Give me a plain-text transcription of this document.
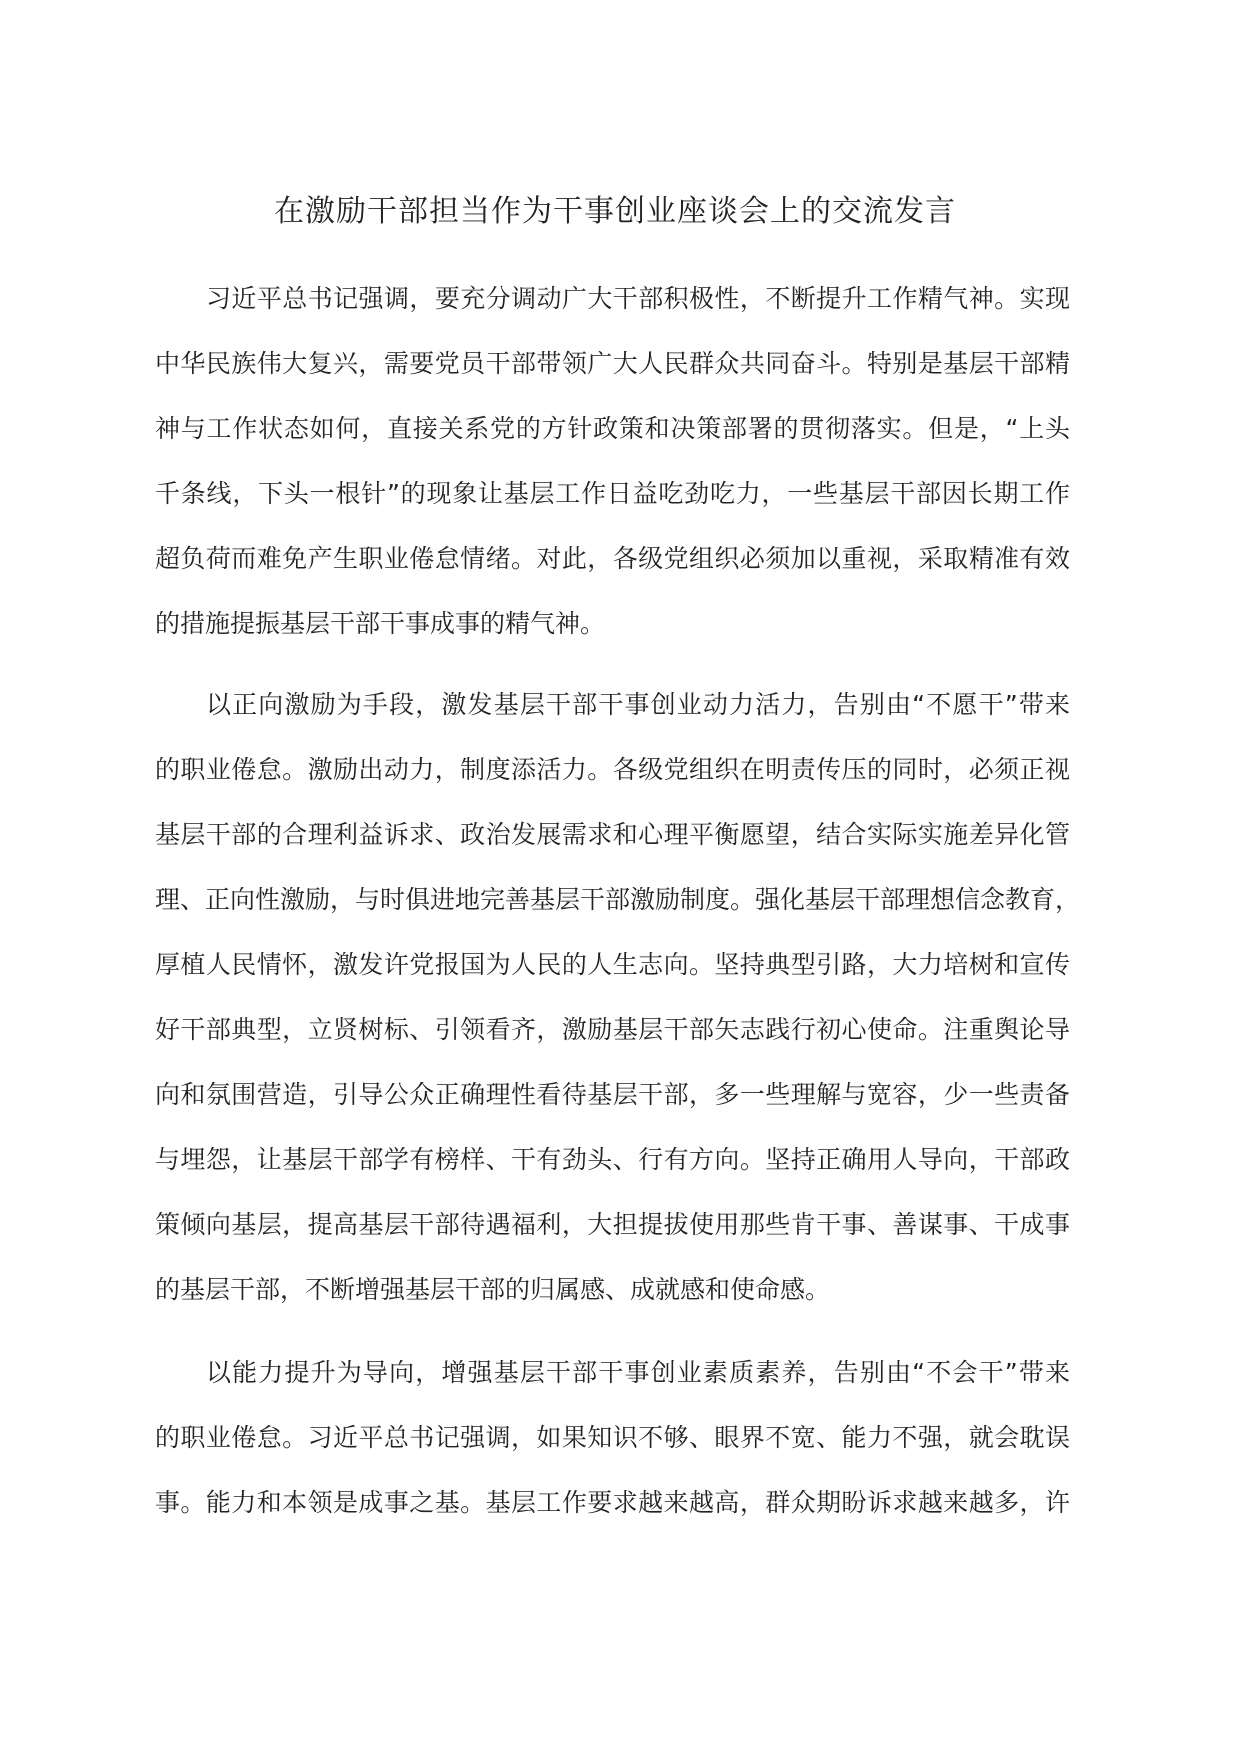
在激励干部担当作为干事创业座谈会上的交流发言
习近平总书记强调，要充分调动广大干部积极性，不断提升工作精气神。实现
中华民族伟大复兴，需要党员干部带领广大人民群众共同奋斗。特别是基层干部精
神与工作状态如何，直接关系党的方针政策和决策部署的贯彻落实。但是，“上头
千条线，下头一根针”的现象让基层工作日益吃劲吃力，一些基层干部因长期工作
超负荷而难免产生职业倦怠情绪。对此，各级党组织必须加以重视，采取精准有效
的措施提振基层干部干事成事的精气神。
以正向激励为手段，激发基层干部干事创业动力活力，告别由“不愿干”带来
的职业倦怠。激励出动力，制度添活力。各级党组织在明责传压的同时，必须正视
基层干部的合理利益诉求、政治发展需求和心理平衡愿望，结合实际实施差异化管
理、正向性激励，与时俱进地完善基层干部激励制度。强化基层干部理想信念教育，
厚植人民情怀，激发许党报国为人民的人生志向。坚持典型引路，大力培树和宣传
好干部典型，立贤树标、引领看齐，激励基层干部矢志践行初心使命。注重舆论导
向和氛围营造，引导公众正确理性看待基层干部，多一些理解与宽容，少一些责备
与埋怨，让基层干部学有榜样、干有劲头、行有方向。坚持正确用人导向，干部政
策倾向基层，提高基层干部待遇福利，大担提拔使用那些肯干事、善谋事、干成事
的基层干部，不断增强基层干部的归属感、成就感和使命感。
以能力提升为导向，增强基层干部干事创业素质素养，告别由“不会干”带来
的职业倦怠。习近平总书记强调，如果知识不够、眼界不宽、能力不强，就会耽误
事。能力和本领是成事之基。基层工作要求越来越高，群众期盼诉求越来越多，许
